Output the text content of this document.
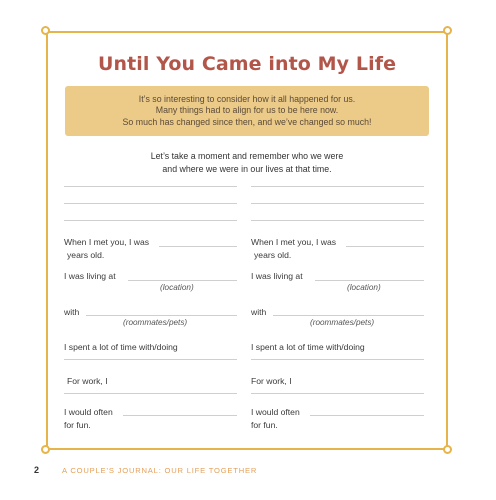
Until You Came into My Life
It’s so interesting to consider how it all happened for us.
Many things had to align for us to be here now.
So much has changed since then, and we’ve changed so much!
Let’s take a moment and remember who we were
and where we were in our lives at that time.
When I met you, I was
years old.
I was living at
(location)
with
(roommates/pets)
I spent a lot of time with/doing
For work, I
I would often
for fun.
When I met you, I was
years old.
I was living at
(location)
with
(roommates/pets)
I spent a lot of time with/doing
For work, I
I would often
for fun.
2	A COUPLE’S JOURNAL: OUR LIFE TOGETHER
